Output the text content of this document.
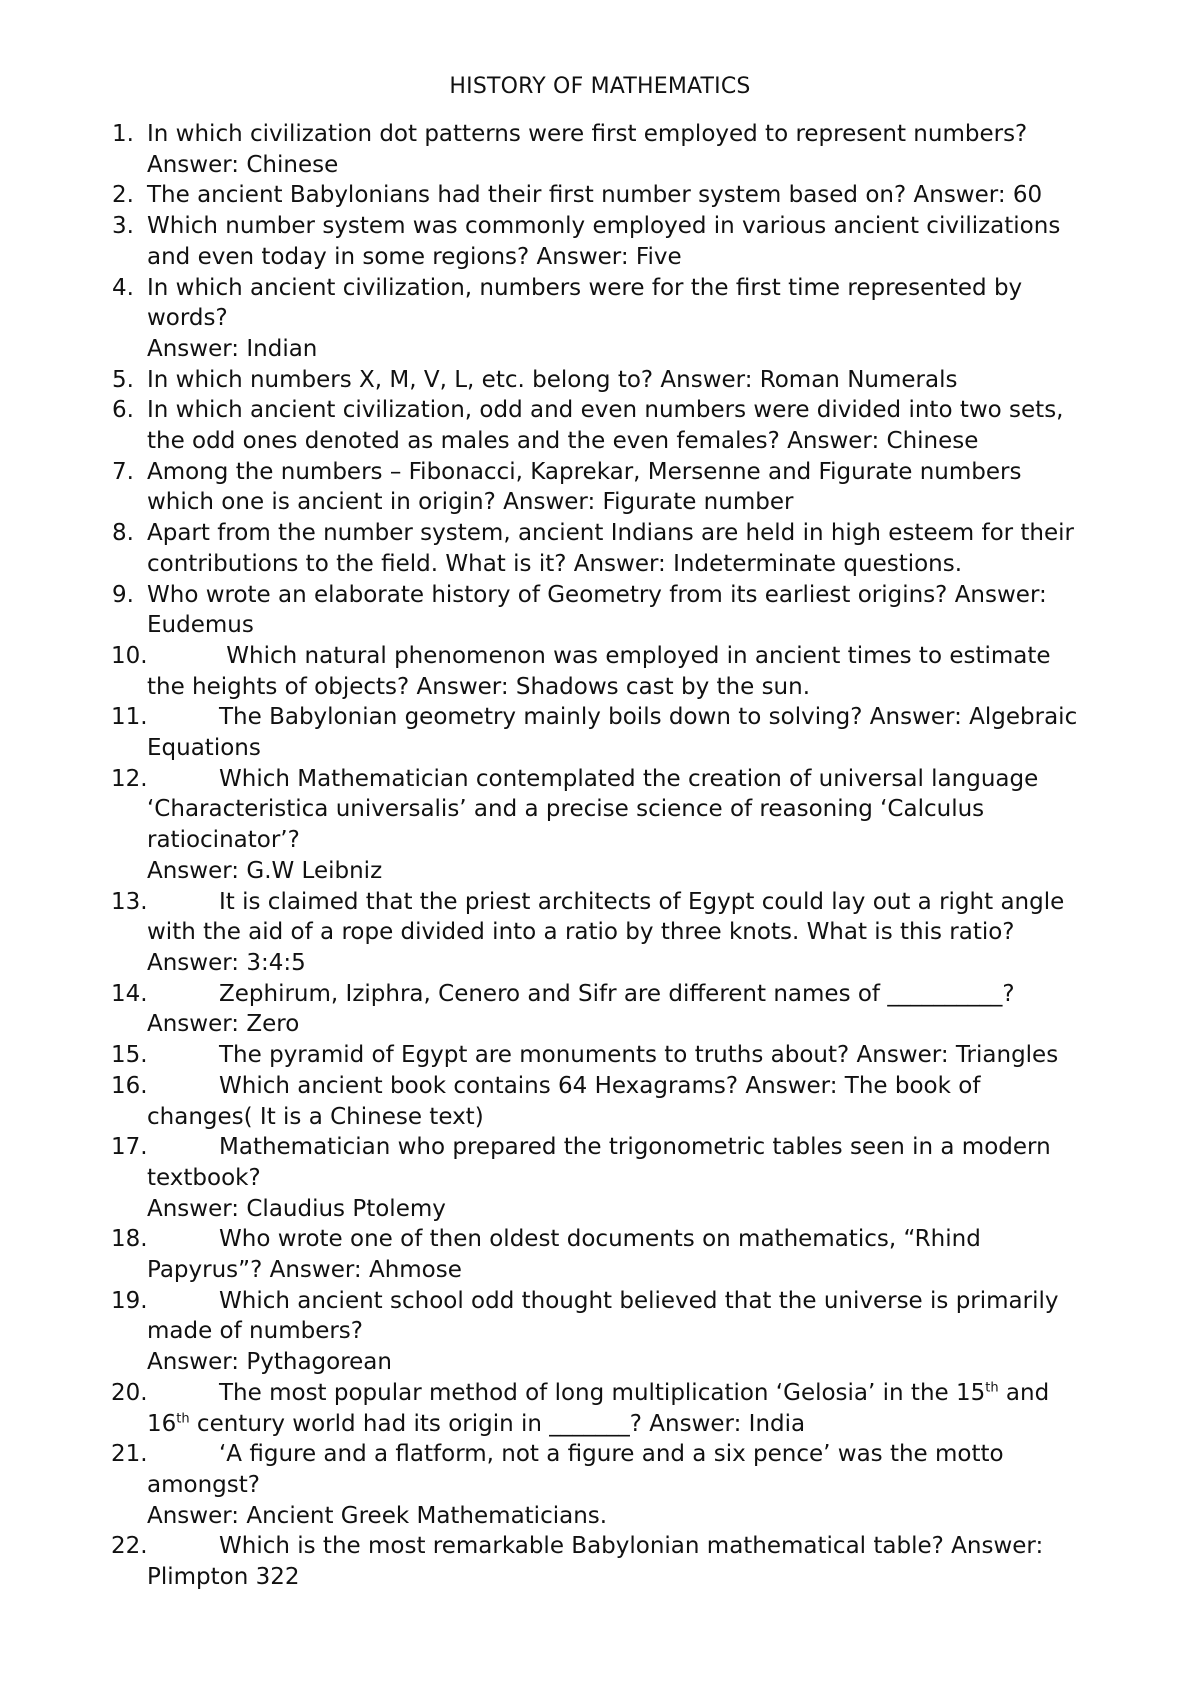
HISTORY OF MATHEMATICS
1. In which civilization dot patterns were first employed to represent numbers?
Answer: Chinese
2. The ancient Babylonians had their first number system based on? Answer: 60
3. Which number system was commonly employed in various ancient civilizations
and even today in some regions? Answer: Five
4. In which ancient civilization, numbers were for the first time represented by
words?
Answer: Indian
5. In which numbers X, M, V, L, etc. belong to? Answer: Roman Numerals
6. In which ancient civilization, odd and even numbers were divided into two sets,
the odd ones denoted as males and the even females? Answer: Chinese
7. Among the numbers – Fibonacci, Kaprekar, Mersenne and Figurate numbers
which one is ancient in origin? Answer: Figurate number
8. Apart from the number system, ancient Indians are held in high esteem for their
contributions to the field. What is it? Answer: Indeterminate questions.
9. Who wrote an elaborate history of Geometry from its earliest origins? Answer:
Eudemus
10.	Which natural phenomenon was employed in ancient times to estimate
the heights of objects? Answer: Shadows cast by the sun.
11.	The Babylonian geometry mainly boils down to solving? Answer: Algebraic
Equations
12.	Which Mathematician contemplated the creation of universal language
‘Characteristica universalis’ and a precise science of reasoning ‘Calculus
ratiocinator’?
Answer: G.W Leibniz
13.	It is claimed that the priest architects of Egypt could lay out a right angle
with the aid of a rope divided into a ratio by three knots. What is this ratio?
Answer: 3:4:5
14.	Zephirum, Iziphra, Cenero and Sifr are different names of __________?
Answer: Zero
15.	The pyramid of Egypt are monuments to truths about? Answer: Triangles
16.	Which ancient book contains 64 Hexagrams? Answer: The book of
changes( It is a Chinese text)
17.	Mathematician who prepared the trigonometric tables seen in a modern
textbook?
Answer: Claudius Ptolemy
18.	Who wrote one of then oldest documents on mathematics, “Rhind
Papyrus”? Answer: Ahmose
19.	Which ancient school odd thought believed that the universe is primarily
made of numbers?
Answer: Pythagorean
20.	The most popular method of long multiplication ‘Gelosia’ in the 15th and
16th century world had its origin in _______? Answer: India
21.	‘A figure and a flatform, not a figure and a six pence’ was the motto
amongst?
Answer: Ancient Greek Mathematicians.
22.	Which is the most remarkable Babylonian mathematical table? Answer:
Plimpton 322
